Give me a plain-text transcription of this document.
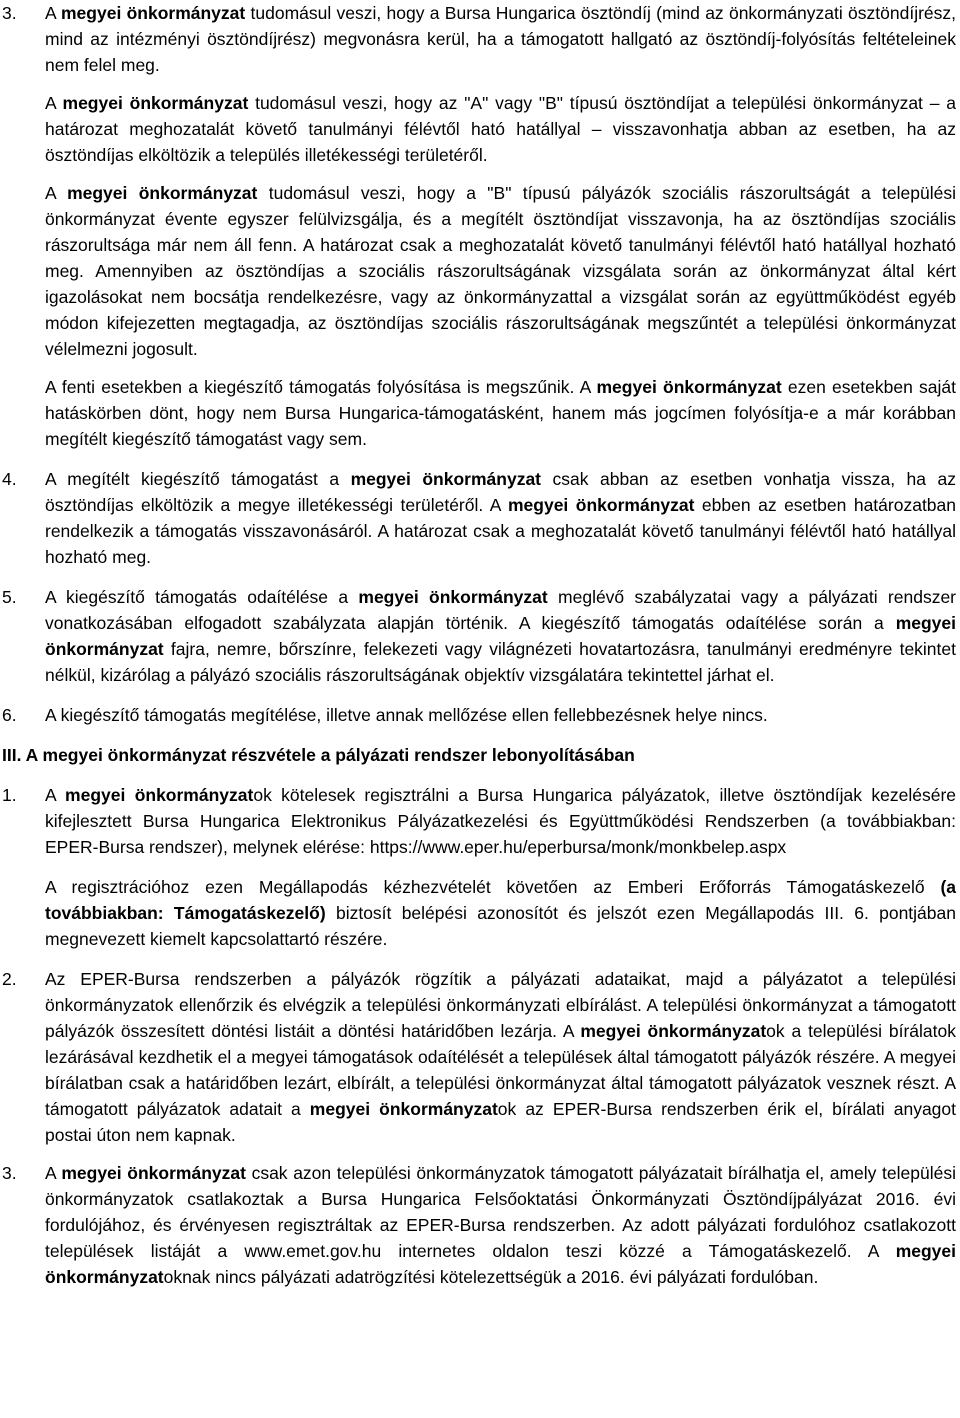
3.	A megyei önkormányzat tudomásul veszi, hogy a Bursa Hungarica ösztöndíj (mind az önkormányzati ösztöndíjrész, mind az intézményi ösztöndíjrész) megvonásra kerül, ha a támogatott hallgató az ösztöndíj-folyósítás feltételeinek nem felel meg.

A megyei önkormányzat tudomásul veszi, hogy az "A" vagy "B" típusú ösztöndíjat a települési önkormányzat – a határozat meghozatalát követő tanulmányi félévtől ható hatállyal – visszavonhatja abban az esetben, ha az ösztöndíjas elköltözik a település illetékességi területéről.

A megyei önkormányzat tudomásul veszi, hogy a "B" típusú pályázók szociális rászorultságát a települési önkormányzat évente egyszer felülvizsgálja, és a megítélt ösztöndíjat visszavonja, ha az ösztöndíjas szociális rászorultsága már nem áll fenn. A határozat csak a meghozatalát követő tanulmányi félévtől ható hatállyal hozható meg. Amennyiben az ösztöndíjas a szociális rászorultságának vizsgálata során az önkormányzat által kért igazolásokat nem bocsátja rendelkezésre, vagy az önkormányzattal a vizsgálat során az együttműködést egyéb módon kifejezetten megtagadja, az ösztöndíjas szociális rászorultságának megszűntét a települési önkormányzat vélelmezni jogosult.

A fenti esetekben a kiegészítő támogatás folyósítása is megszűnik. A megyei önkormányzat ezen esetekben saját hatáskörben dönt, hogy nem Bursa Hungarica-támogatásként, hanem más jogcímen folyósítja-e a már korábban megítélt kiegészítő támogatást vagy sem.

4.	A megítélt kiegészítő támogatást a megyei önkormányzat csak abban az esetben vonhatja vissza, ha az ösztöndíjas elköltözik a megye illetékességi területéről. A megyei önkormányzat ebben az esetben határozatban rendelkezik a támogatás visszavonásáról. A határozat csak a meghozatalát követő tanulmányi félévtől ható hatállyal hozható meg.

5.	A kiegészítő támogatás odaítélése a megyei önkormányzat meglévő szabályzatai vagy a pályázati rendszer vonatkozásában elfogadott szabályzata alapján történik. A kiegészítő támogatás odaítélése során a megyei önkormányzat fajra, nemre, bőrszínre, felekezeti vagy világnézeti hovatartozásra, tanulmányi eredményre tekintet nélkül, kizárólag a pályázó szociális rászorultságának objektív vizsgálatára tekintettel járhat el.

6.	A kiegészítő támogatás megítélése, illetve annak mellőzése ellen fellebbezésnek helye nincs.

III. A megyei önkormányzat részvétele a pályázati rendszer lebonyolításában
1.	A megyei önkormányzatok kötelesek regisztrálni a Bursa Hungarica pályázatok, illetve ösztöndíjak kezelésére kifejlesztett Bursa Hungarica Elektronikus Pályázatkezelési és Együttműködési Rendszerben (a továbbiakban: EPER-Bursa rendszer), melynek elérése: https://www.eper.hu/eperbursa/monk/monkbelep.aspx

A regisztrációhoz ezen Megállapodás kézhezvételét követően az Emberi Erőforrás Támogatáskezelő (a továbbiakban: Támogatáskezelő) biztosít belépési azonosítót és jelszót ezen Megállapodás III. 6. pontjában megnevezett kiemelt kapcsolattartó részére.

2.	Az EPER-Bursa rendszerben a pályázók rögzítik a pályázati adataikat, majd a pályázatot a települési önkormányzatok ellenőrzik és elvégzik a települési önkormányzati elbírálást. A települési önkormányzat a támogatott pályázók összesített döntési listáit a döntési határidőben lezárja. A megyei önkormányzatok a települési bírálatok lezárásával kezdhetik el a megyei támogatások odaítélését a települések által támogatott pályázók részére. A megyei bírálatban csak a határidőben lezárt, elbírált, a települési önkormányzat által támogatott pályázatok vesznek részt. A támogatott pályázatok adatait a megyei önkormányzatok az EPER-Bursa rendszerben érik el, bírálati anyagot postai úton nem kapnak.

3.	A megyei önkormányzat csak azon települési önkormányzatok támogatott pályázatait bírálhatja el, amely települési önkormányzatok csatlakoztak a Bursa Hungarica Felsőoktatási Önkormányzati Ösztöndíjpályázat 2016. évi fordulójához, és érvényesen regisztráltak az EPER-Bursa rendszerben. Az adott pályázati fordulóhoz csatlakozott települések listáját a www.emet.gov.hu internetes oldalon teszi közzé a Támogatáskezelő. A megyei önkormányzatoknak nincs pályázati adatrögzítési kötelezettségük a 2016. évi pályázati fordulóban.
